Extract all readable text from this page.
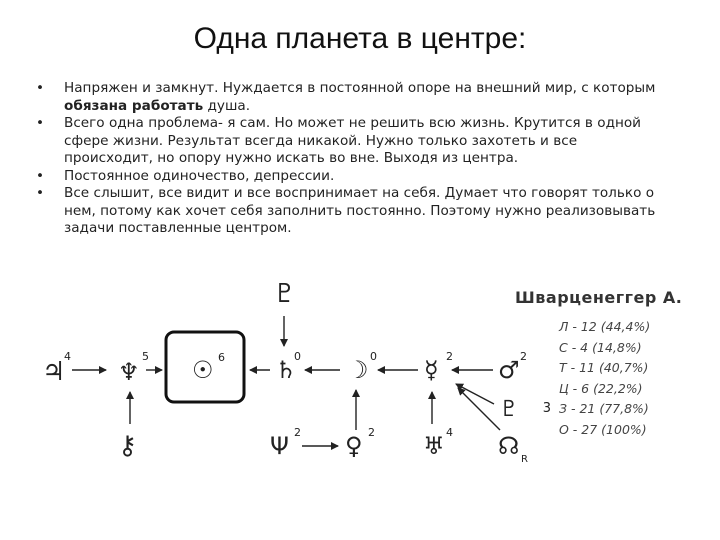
Одна планета в центре:
• Напряжен и замкнут. Нуждается в постоянной опоре на внешний мир, с которым обязана работать душа.
• Всего одна проблема- я сам. Но может не решить всю жизнь. Крутится в одной сфере жизни. Результат всегда никакой. Нужно только захотеть и все происходит, но опору нужно искать во вне. Выходя из центра.
• Постоянное одиночество, депрессии.
• Все слышит, все видит и все воспринимает на себя. Думает что говорят только о нем, потому как хочет себя заполнить постоянно. Поэтому нужно реализовывать задачи поставленные центром.
♃
4
♆
5 ☉ 6 ♄
0 ☽ 0 ☿ 2 ♂ 2
♇
♇
⚷	Ψ 2 ♀ 2 ♅ 4 ☊ R
Шварценеггер А.
Л - 12 (44,4%)
С - 4 (14,8%)
Т - 11 (40,7%)
Ц - 6 (22,2%)
3 З - 21 (77,8%)
О - 27 (100%)
